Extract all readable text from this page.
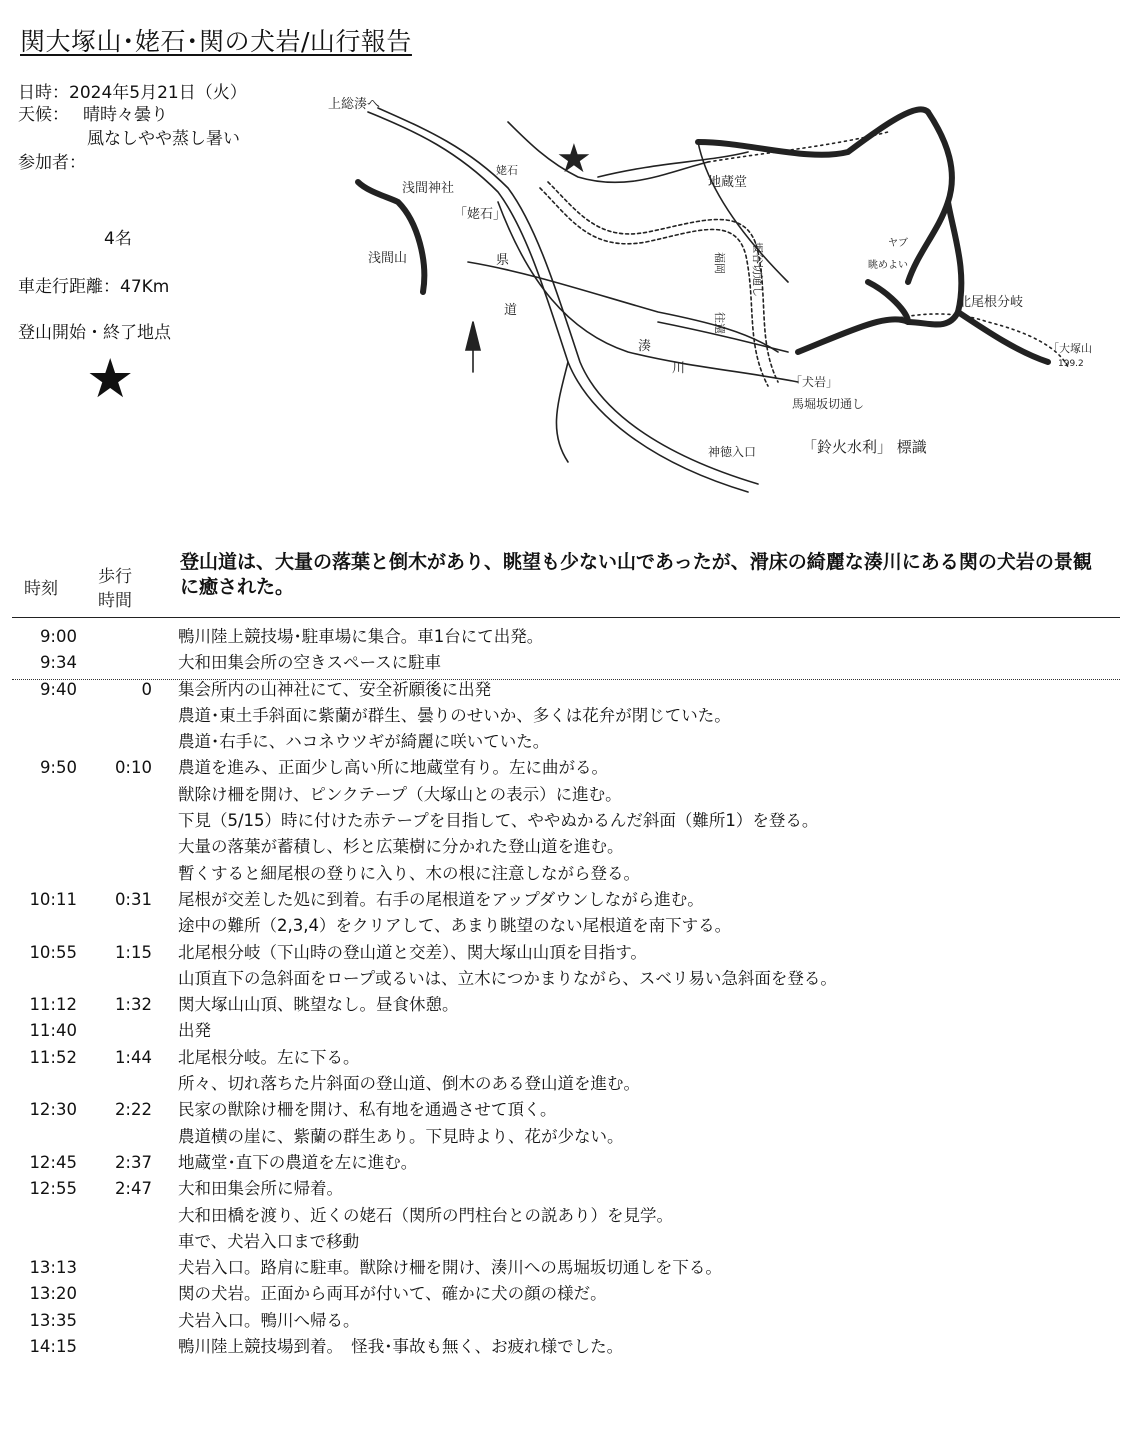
関大塚山･姥石･関の犬岩/山行報告
日時：2024年5月21日（火）
天候： 晴時々曇り
風なしやや蒸し暑い
参加者：
4名
車走行距離：47Km
登山開始・終了地点
★
★
上総湊へ
浅間神社
浅間山
姥石
「姥石」
県
道
地蔵堂
湊
川
福岡
往還
堰谷切通し	ヤブ
眺めよい
北尾根分岐
「大塚山
199.2
「犬岩」
馬堀坂切通し
神徳入口	「鈴火水利」 標識
時刻
歩行
時間
登山道は、大量の落葉と倒木があり、眺望も少ない山であったが、滑床の綺麗な湊川にある関の犬岩の景観に癒された。
9:00	鴨川陸上競技場･駐車場に集合。車1台にて出発。
9:34	大和田集会所の空きスペースに駐車
9:40	0 集会所内の山神社にて、安全祈願後に出発
農道･東土手斜面に紫蘭が群生、曇りのせいか、多くは花弁が閉じていた。
農道･右手に、ハコネウツギが綺麗に咲いていた。
9:50 0:10 農道を進み、正面少し高い所に地蔵堂有り。左に曲がる。
獣除け柵を開け、ピンクテープ（大塚山との表示）に進む。
下見（5/15）時に付けた赤テープを目指して、ややぬかるんだ斜面（難所1）を登る。
大量の落葉が蓄積し、杉と広葉樹に分かれた登山道を進む。
暫くすると細尾根の登りに入り、木の根に注意しながら登る。
10:11 0:31 尾根が交差した処に到着。右手の尾根道をアップダウンしながら進む。
途中の難所（2,3,4）をクリアして、あまり眺望のない尾根道を南下する。
10:55 1:15 北尾根分岐（下山時の登山道と交差）、関大塚山山頂を目指す。
山頂直下の急斜面をロープ或るいは、立木につかまりながら、スベリ易い急斜面を登る。
11:12 1:32 関大塚山山頂、眺望なし。昼食休憩。
11:40	出発
11:52 1:44 北尾根分岐。左に下る。
所々、切れ落ちた片斜面の登山道、倒木のある登山道を進む。
12:30 2:22 民家の獣除け柵を開け、私有地を通過させて頂く。
農道横の崖に、紫蘭の群生あり。下見時より、花が少ない。
12:45 2:37 地蔵堂･直下の農道を左に進む。
12:55 2:47 大和田集会所に帰着。
大和田橋を渡り、近くの姥石（関所の門柱台との説あり）を見学。
車で、犬岩入口まで移動
13:13	犬岩入口。路肩に駐車。獣除け柵を開け、湊川への馬堀坂切通しを下る。
13:20	関の犬岩。正面から両耳が付いて、確かに犬の顔の様だ。
13:35	犬岩入口。鴨川へ帰る。
14:15	鴨川陸上競技場到着。　怪我･事故も無く、お疲れ様でした。
